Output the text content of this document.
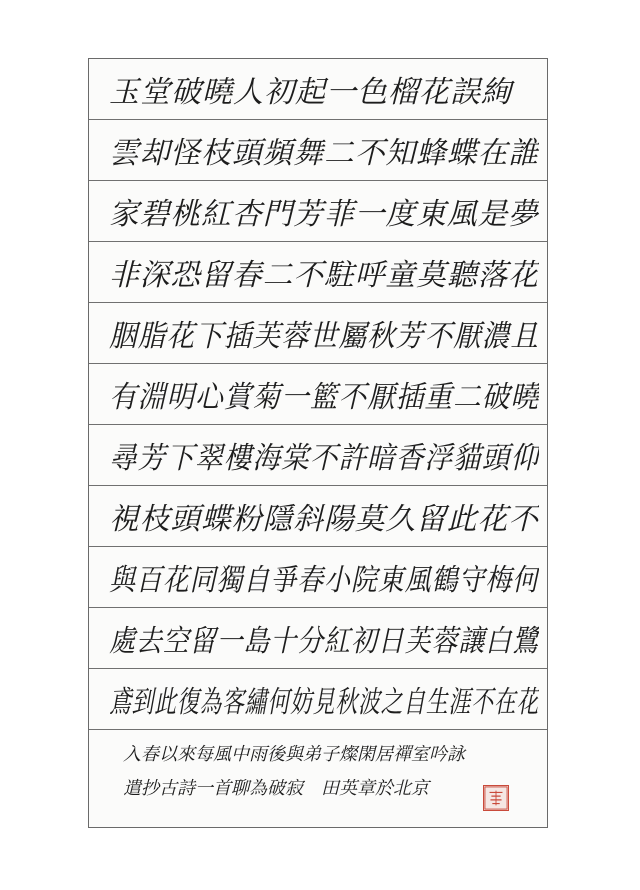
玉堂破曉人初起一色榴花誤絢
雲却怪枝頭頻舞二不知蜂蝶在誰
家碧桃紅杏門芳菲一度東風是夢
非深恐留春二不駐呼童莫聽落花
胭脂花下插芙蓉世屬秋芳不厭濃且
有淵明心賞菊一籃不厭插重二破曉
尋芳下翠樓海棠不許暗香浮貓頭仰
視枝頭蝶粉隱斜陽莫久留此花不
與百花同獨自爭春小院東風鶴守梅何
處去空留一島十分紅初日芙蓉讓白鷺
鳶到此復為客繡何妨見秋波之自生涯不在花
入春以來每風中雨後與弟子燦閑居禪室吟詠
遣抄古詩一首聊為破寂　田英章於北京
